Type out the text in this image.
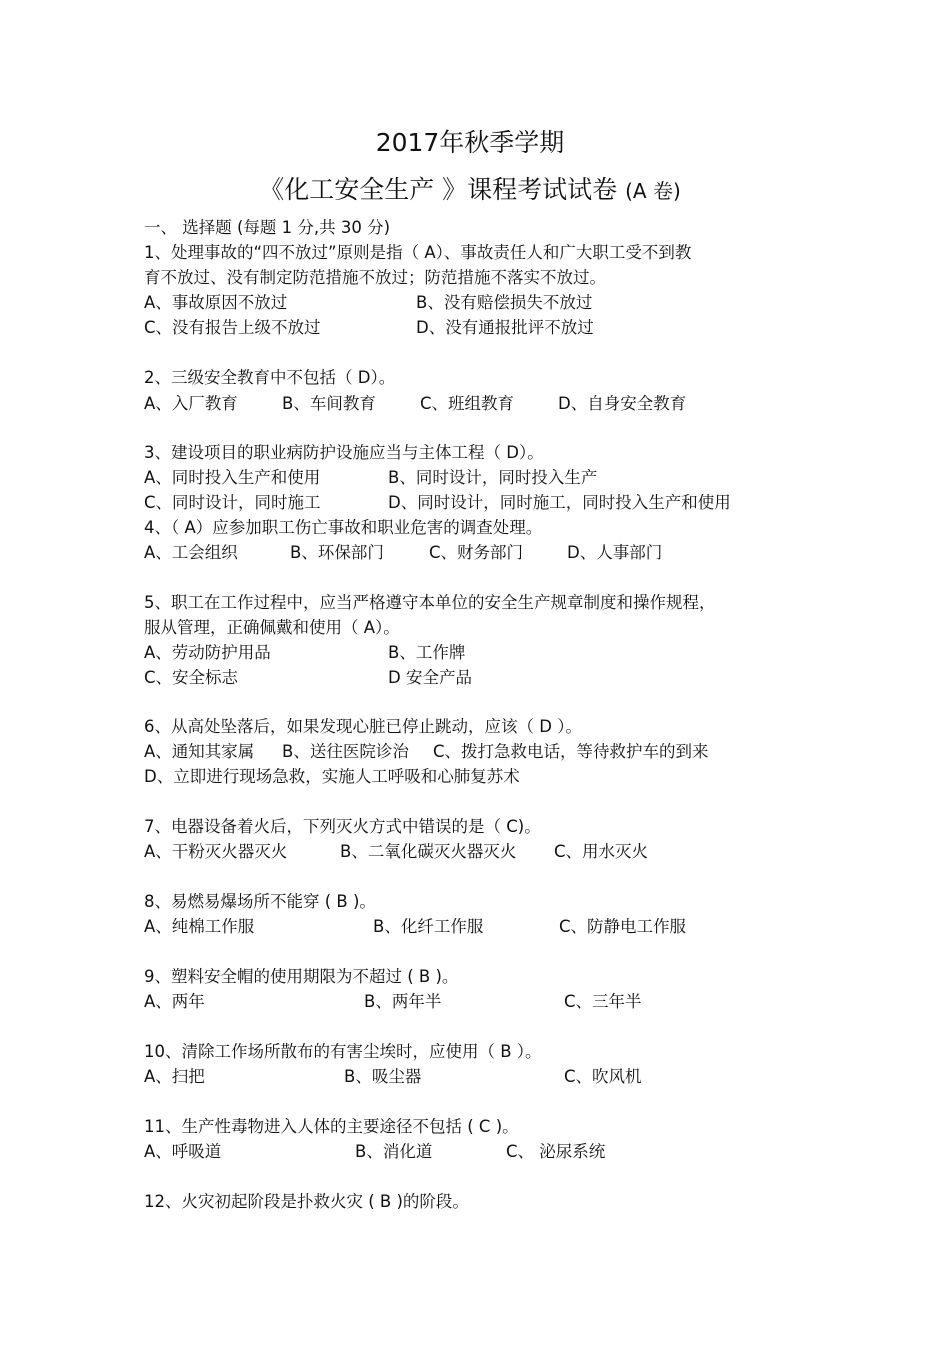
2017年秋季学期
《化工安全生产 》课程考试试卷 (A 卷)
一、 选择题 (每题 1 分,共 30 分)
1、处理事故的“四不放过”原则是指（ A）、事故责任人和广大职工受不到教
育不放过、没有制定防范措施不放过；防范措施不落实不放过。
A、事故原因不放过	B、没有赔偿损失不放过
C、没有报告上级不放过	D、没有通报批评不放过
2、三级安全教育中不包括（ D）。
A、入厂教育	B、车间教育	C、班组教育	D、自身安全教育
3、建设项目的职业病防护设施应当与主体工程（ D）。
A、同时投入生产和使用	B、同时设计，同时投入生产
C、同时设计，同时施工	D、同时设计，同时施工，同时投入生产和使用
4、（ A）应参加职工伤亡事故和职业危害的调查处理。
A、工会组织	B、环保部门	C、财务部门	D、人事部门
5、职工在工作过程中，应当严格遵守本单位的安全生产规章制度和操作规程，
服从管理，正确佩戴和使用（ A）。
A、劳动防护用品	B、工作牌
C、安全标志	D 安全产品
6、从高处坠落后，如果发现心脏已停止跳动，应该（ D ）。
A、通知其家属 B、送往医院诊治 C、拨打急救电话，等待救护车的到来
D、立即进行现场急救，实施人工呼吸和心肺复苏术
7、电器设备着火后，下列灭火方式中错误的是（ C)。
A、干粉灭火器灭火	B、二氧化碳灭火器灭火 C、用水灭火
8、易燃易爆场所不能穿 ( B )。
A、纯棉工作服	B、化纤工作服	C、防静电工作服
9、塑料安全帽的使用期限为不超过 ( B )。
A、两年	B、两年半	C、三年半
10、清除工作场所散布的有害尘埃时，应使用（ B ）。
A、扫把	B、吸尘器	C、吹风机
11、生产性毒物进入人体的主要途径不包括 ( C )。
A、呼吸道	B、消化道	C、 泌尿系统
12、火灾初起阶段是扑救火灾 ( B )的阶段。
